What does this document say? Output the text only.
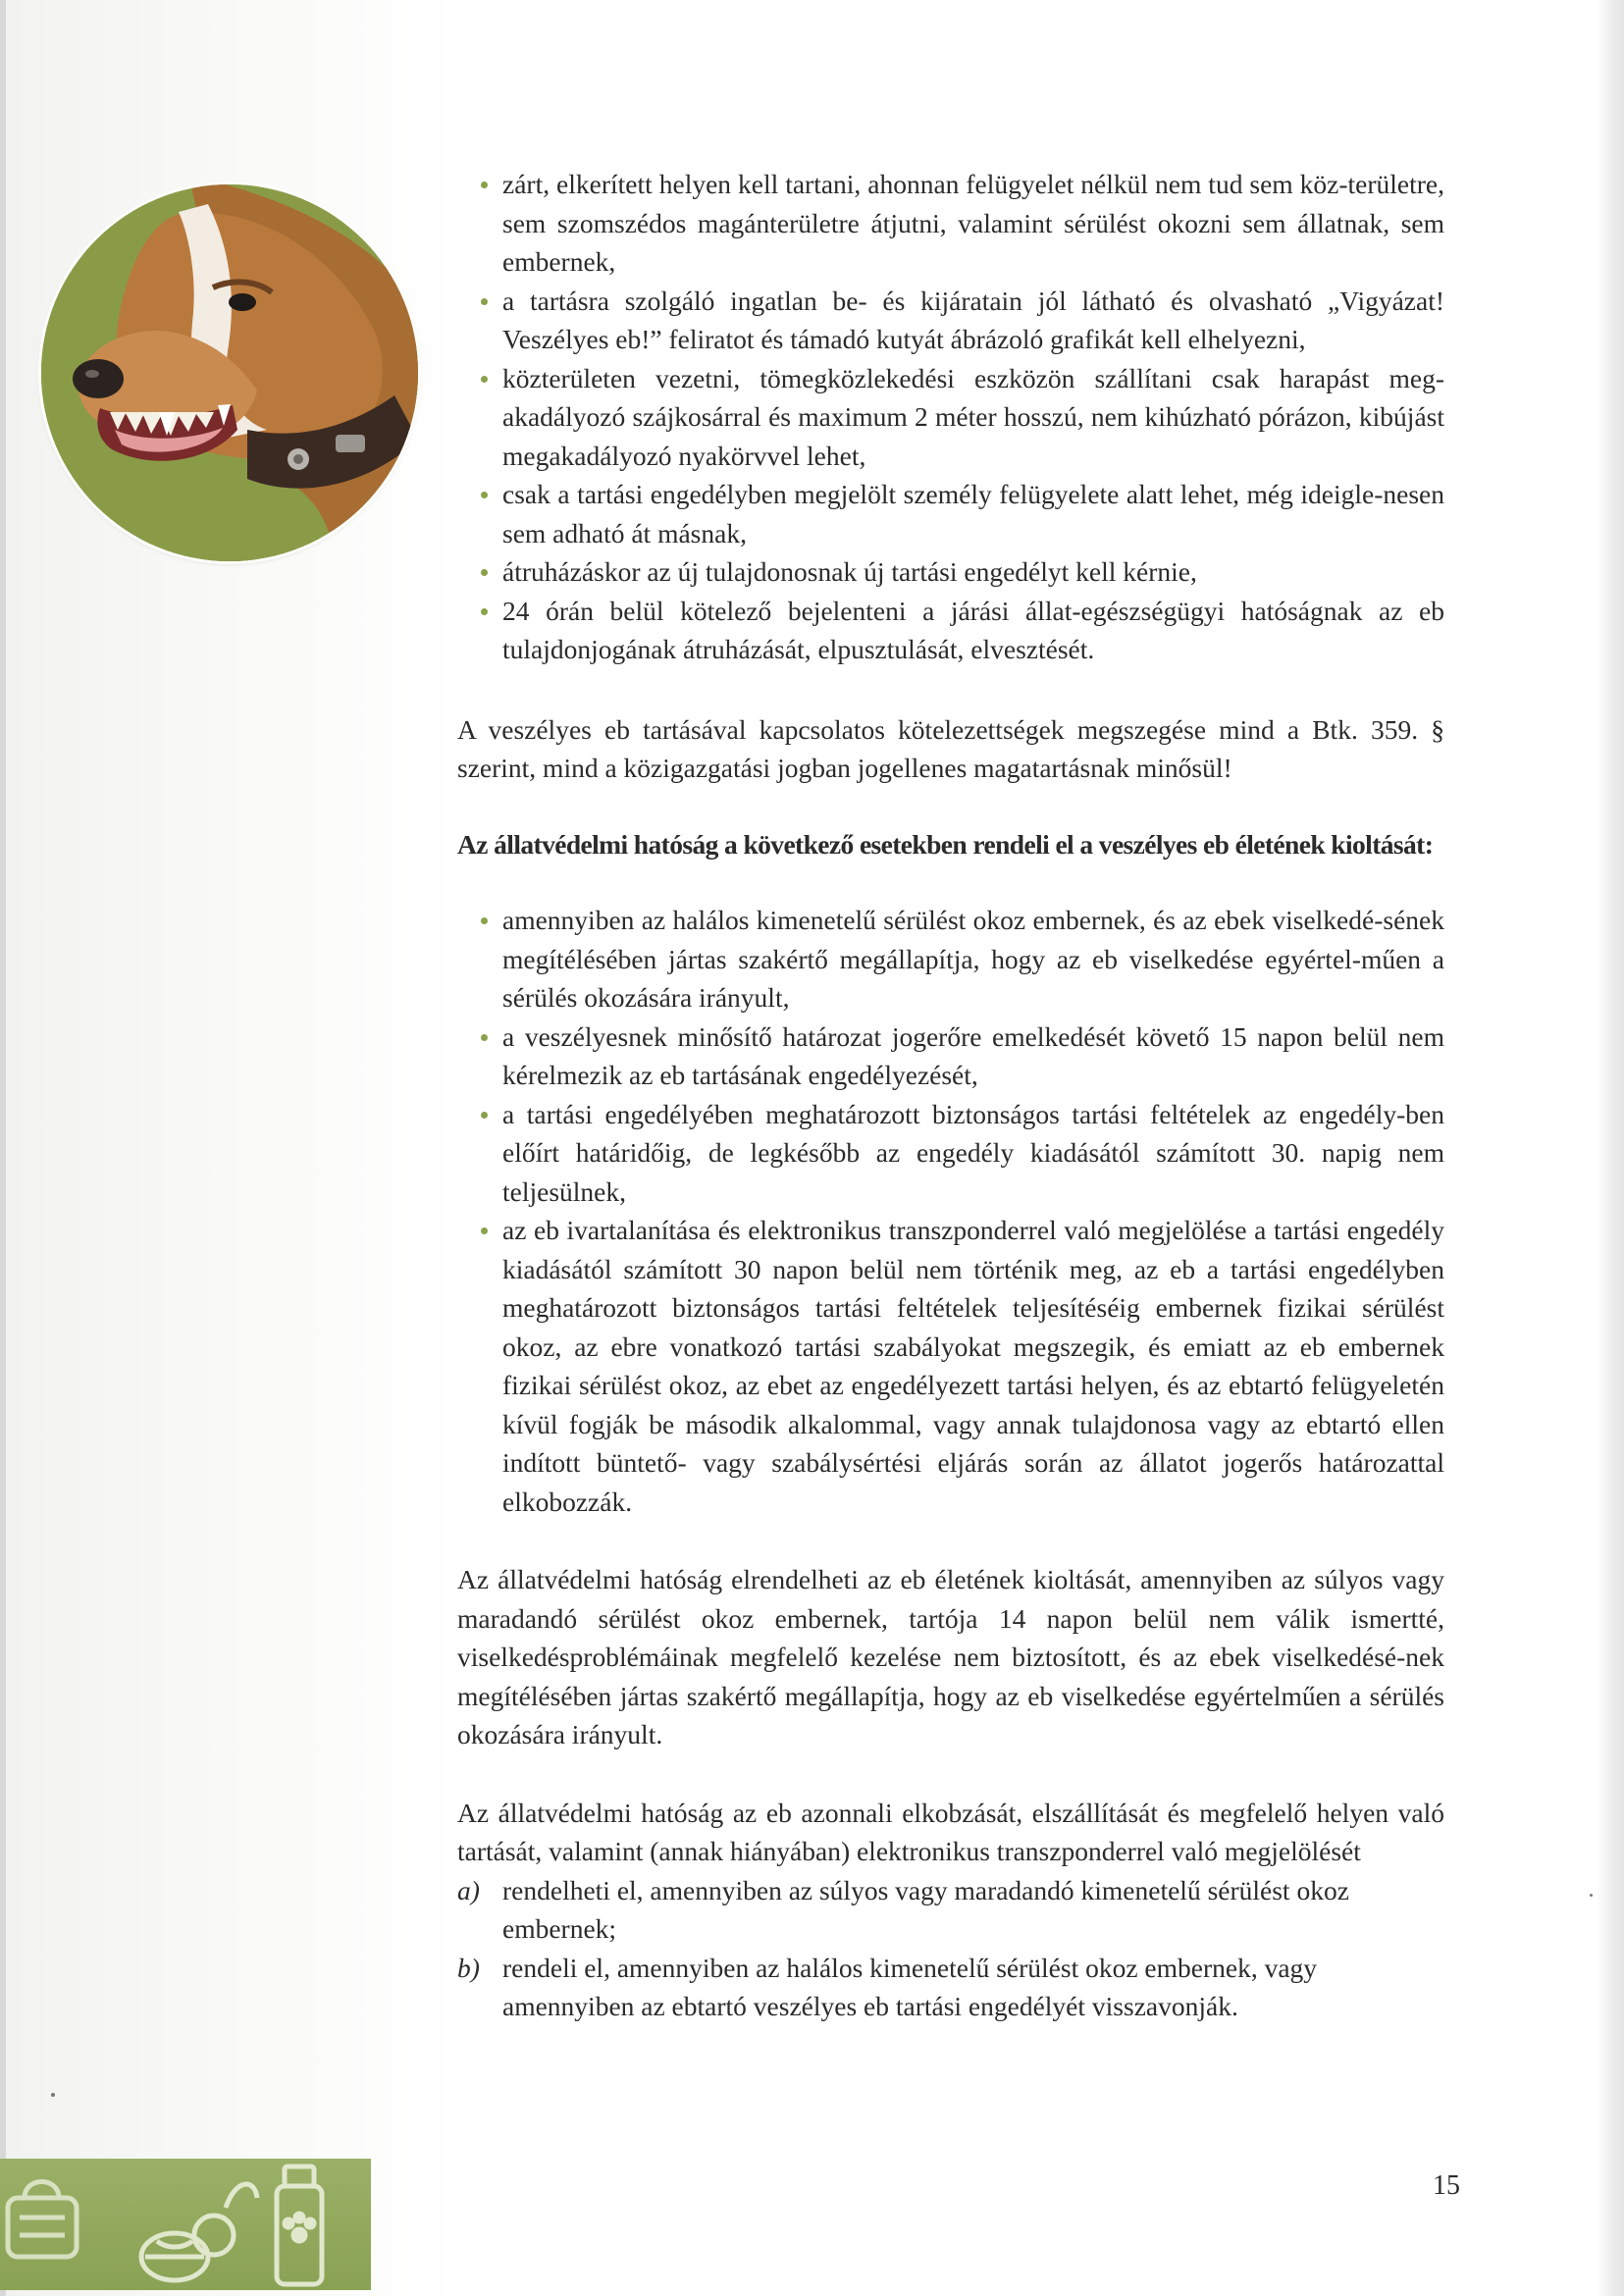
zárt, elkerített helyen kell tartani, ahonnan felügyelet nélkül nem tud sem köz-területre, sem szomszédos magánterületre átjutni, valamint sérülést okozni sem állatnak, sem embernek,
a tartásra szolgáló ingatlan be- és kijáratain jól látható és olvasható „Vigyázat! Veszélyes eb!” feliratot és támadó kutyát ábrázoló grafikát kell elhelyezni,
közterületen vezetni, tömegközlekedési eszközön szállítani csak harapást meg-akadályozó szájkosárral és maximum 2 méter hosszú, nem kihúzható pórázon, kibújást megakadályozó nyakörvvel lehet,
csak a tartási engedélyben megjelölt személy felügyelete alatt lehet, még ideigle-nesen sem adható át másnak,
átruházáskor az új tulajdonosnak új tartási engedélyt kell kérnie,
24 órán belül kötelező bejelenteni a járási állat-egészségügyi hatóságnak az eb tulajdonjogának átruházását, elpusztulását, elvesztését.

A veszélyes eb tartásával kapcsolatos kötelezettségek megszegése mind a Btk. 359. § szerint, mind a közigazgatási jogban jogellenes magatartásnak minősül!

Az állatvédelmi hatóság a következő esetekben rendeli el a veszélyes eb életének kioltását:

amennyiben az halálos kimenetelű sérülést okoz embernek, és az ebek viselkedé-sének megítélésében jártas szakértő megállapítja, hogy az eb viselkedése egyértel-műen a sérülés okozására irányult,
a veszélyesnek minősítő határozat jogerőre emelkedését követő 15 napon belül nem kérelmezik az eb tartásának engedélyezését,
a tartási engedélyében meghatározott biztonságos tartási feltételek az engedély-ben előírt határidőig, de legkésőbb az engedély kiadásától számított 30. napig nem teljesülnek,
az eb ivartalanítása és elektronikus transzponderrel való megjelölése a tartási engedély kiadásától számított 30 napon belül nem történik meg, az eb a tartási engedélyben meghatározott biztonságos tartási feltételek teljesítéséig embernek fizikai sérülést okoz, az ebre vonatkozó tartási szabályokat megszegik, és emiatt az eb embernek fizikai sérülést okoz, az ebet az engedélyezett tartási helyen, és az ebtartó felügyeletén kívül fogják be második alkalommal, vagy annak tulajdonosa vagy az ebtartó ellen indított büntető- vagy szabálysértési eljárás során az állatot jogerős határozattal elkobozzák.

Az állatvédelmi hatóság elrendelheti az eb életének kioltását, amennyiben az súlyos vagy maradandó sérülést okoz embernek, tartója 14 napon belül nem válik ismertté, viselkedésproblémáinak megfelelő kezelése nem biztosított, és az ebek viselkedésé-nek megítélésében jártas szakértő megállapítja, hogy az eb viselkedése egyértelműen a sérülés okozására irányult.

Az állatvédelmi hatóság az eb azonnali elkobzását, elszállítását és megfelelő helyen való tartását, valamint (annak hiányában) elektronikus transzponderrel való megjelölését

a) rendelheti el, amennyiben az súlyos vagy maradandó kimenetelű sérülést okoz embernek;
b) rendeli el, amennyiben az halálos kimenetelű sérülést okoz embernek, vagy amennyiben az ebtartó veszélyes eb tartási engedélyét visszavonják.
15
